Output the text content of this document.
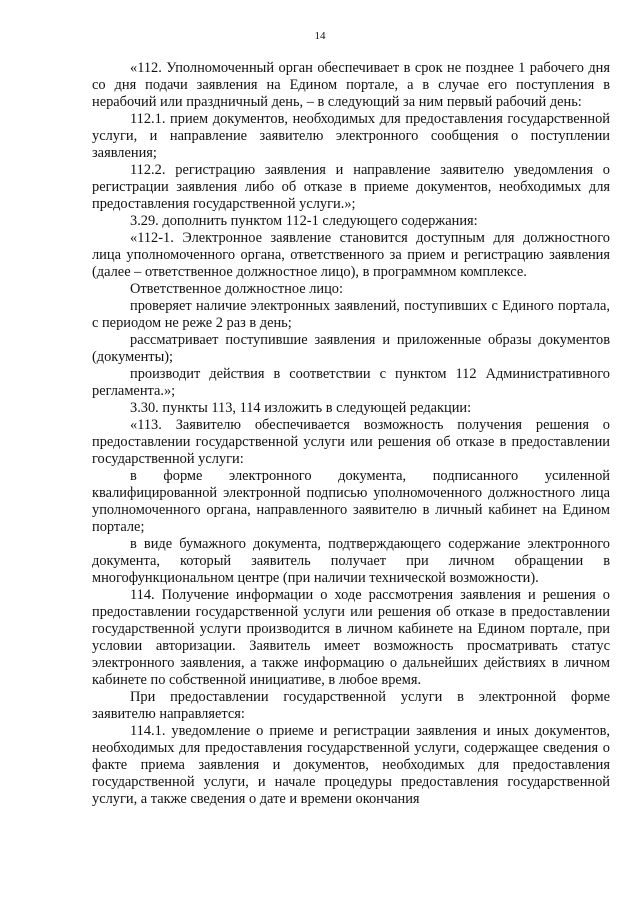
14

«112. Уполномоченный орган обеспечивает в срок не позднее 1 рабочего дня со дня подачи заявления на Едином портале, а в случае его поступления в нерабочий или праздничный день, – в следующий за ним первый рабочий день:

112.1. прием документов, необходимых для предоставления государственной услуги, и направление заявителю электронного сообщения о поступлении заявления;

112.2. регистрацию заявления и направление заявителю уведомления о регистрации заявления либо об отказе в приеме документов, необходимых для предоставления государственной услуги.»;

3.29. дополнить пунктом 112-1 следующего содержания:

«112-1. Электронное заявление становится доступным для должностного лица уполномоченного органа, ответственного за прием и регистрацию заявления (далее – ответственное должностное лицо), в программном комплексе.

Ответственное должностное лицо:

проверяет наличие электронных заявлений, поступивших с Единого портала, с периодом не реже 2 раз в день;

рассматривает поступившие заявления и приложенные образы документов (документы);

производит действия в соответствии с пунктом 112 Административного регламента.»;

3.30. пункты 113, 114 изложить в следующей редакции:

«113. Заявителю обеспечивается возможность получения решения о предоставлении государственной услуги или решения об отказе в предоставлении государственной услуги:

в форме электронного документа, подписанного усиленной квалифицированной электронной подписью уполномоченного должностного лица уполномоченного органа, направленного заявителю в личный кабинет на Едином портале;

в виде бумажного документа, подтверждающего содержание электронного документа, который заявитель получает при личном обращении в многофункциональном центре (при наличии технической возможности).

114. Получение информации о ходе рассмотрения заявления и решения о предоставлении государственной услуги или решения об отказе в предоставлении государственной услуги производится в личном кабинете на Едином портале, при условии авторизации. Заявитель имеет возможность просматривать статус электронного заявления, а также информацию о дальнейших действиях в личном кабинете по собственной инициативе, в любое время.

При предоставлении государственной услуги в электронной форме заявителю направляется:

114.1. уведомление о приеме и регистрации заявления и иных документов, необходимых для предоставления государственной услуги, содержащее сведения о факте приема заявления и документов, необходимых для предоставления государственной услуги, и начале процедуры предоставления государственной услуги, а также сведения о дате и времени окончания
